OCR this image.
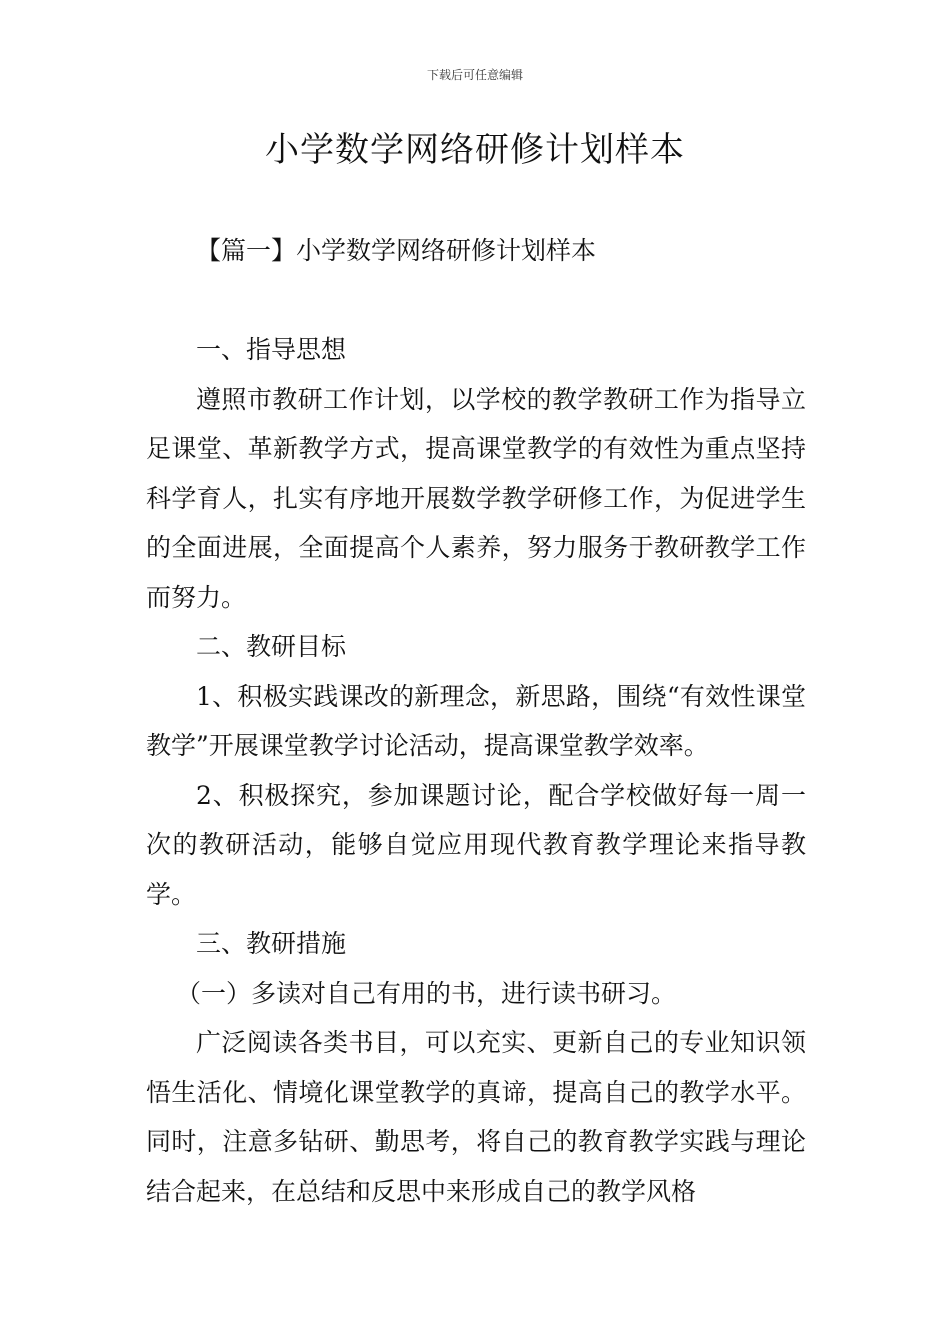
下载后可任意编辑
小学数学网络研修计划样本
【篇一】小学数学网络研修计划样本

一、指导思想

遵照市教研工作计划，以学校的教学教研工作为指导立足课堂、革新教学方式，提高课堂教学的有效性为重点坚持科学育人，扎实有序地开展数学教学研修工作，为促进学生的全面进展，全面提高个人素养，努力服务于教研教学工作而努力。

二、教研目标

1、积极实践课改的新理念，新思路，围绕“有效性课堂教学”开展课堂教学讨论活动，提高课堂教学效率。

2、积极探究，参加课题讨论，配合学校做好每一周一次的教研活动，能够自觉应用现代教育教学理论来指导教学。

三、教研措施

（一）多读对自己有用的书，进行读书研习。

广泛阅读各类书目，可以充实、更新自己的专业知识领悟生活化、情境化课堂教学的真谛，提高自己的教学水平。同时，注意多钻研、勤思考，将自己的教育教学实践与理论结合起来，在总结和反思中来形成自己的教学风格
